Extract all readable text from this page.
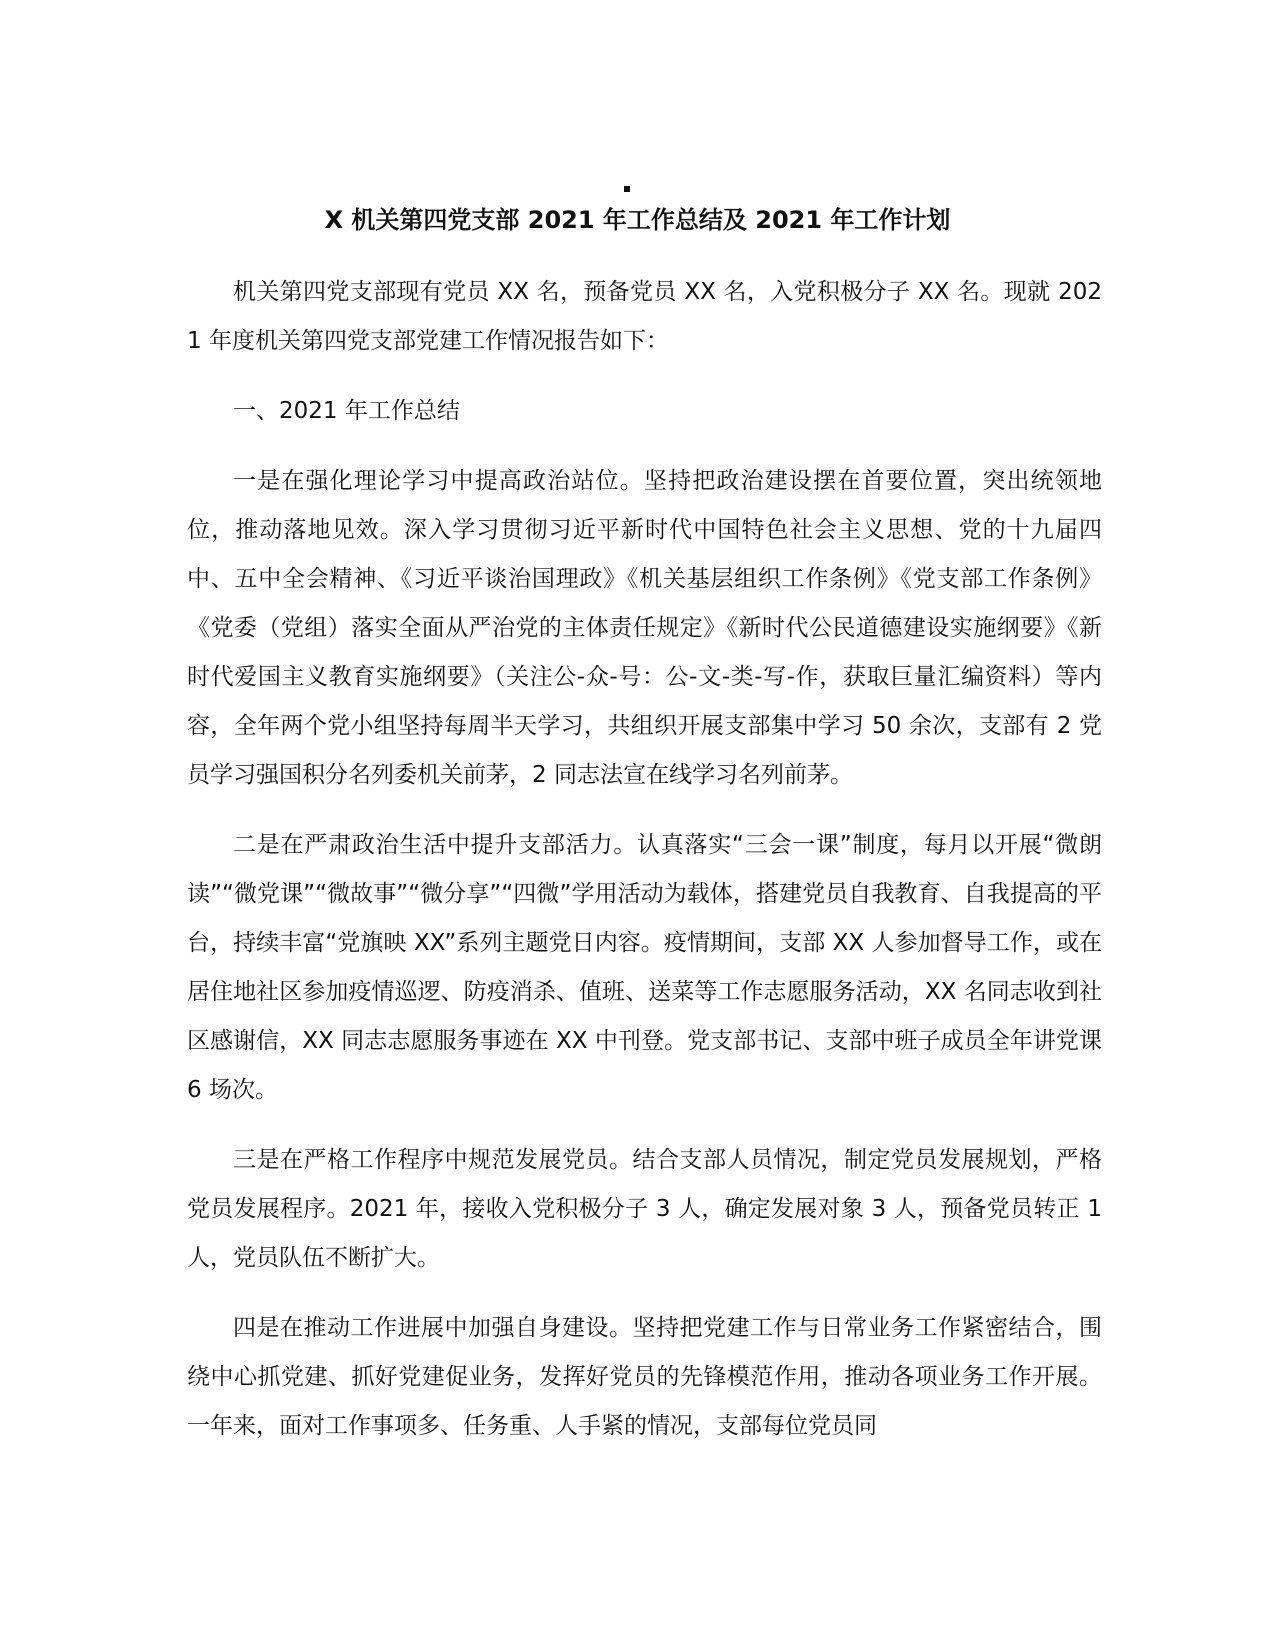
X 机关第四党支部 2021 年工作总结及 2021 年工作计划

机关第四党支部现有党员 XX 名，预备党员 XX 名，入党积极分子 XX 名。现就 2021 年度机关第四党支部党建工作情况报告如下：

一、2021 年工作总结

一是在强化理论学习中提高政治站位。坚持把政治建设摆在首要位置，突出统领地位，推动落地见效。深入学习贯彻习近平新时代中国特色社会主义思想、党的十九届四中、五中全会精神、《习近平谈治国理政》《机关基层组织工作条例》《党支部工作条例》《党委（党组）落实全面从严治党的主体责任规定》《新时代公民道德建设实施纲要》《新时代爱国主义教育实施纲要》（关注公-众-号：公-文-类-写-作，获取巨量汇编资料）等内容，全年两个党小组坚持每周半天学习，共组织开展支部集中学习 50 余次，支部有 2 党员学习强国积分名列委机关前茅，2 同志法宣在线学习名列前茅。

二是在严肃政治生活中提升支部活力。认真落实“三会一课”制度，每月以开展“微朗读”“微党课”“微故事”“微分享”“四微”学用活动为载体，搭建党员自我教育、自我提高的平台，持续丰富“党旗映 XX”系列主题党日内容。疫情期间，支部 XX 人参加督导工作，或在居住地社区参加疫情巡逻、防疫消杀、值班、送菜等工作志愿服务活动，XX 名同志收到社区感谢信，XX 同志志愿服务事迹在 XX 中刊登。党支部书记、支部中班子成员全年讲党课 6 场次。

三是在严格工作程序中规范发展党员。结合支部人员情况，制定党员发展规划，严格党员发展程序。2021 年，接收入党积极分子 3 人，确定发展对象 3 人，预备党员转正 1 人，党员队伍不断扩大。

四是在推动工作进展中加强自身建设。坚持把党建工作与日常业务工作紧密结合，围绕中心抓党建、抓好党建促业务，发挥好党员的先锋模范作用，推动各项业务工作开展。一年来，面对工作事项多、任务重、人手紧的情况，支部每位党员同
